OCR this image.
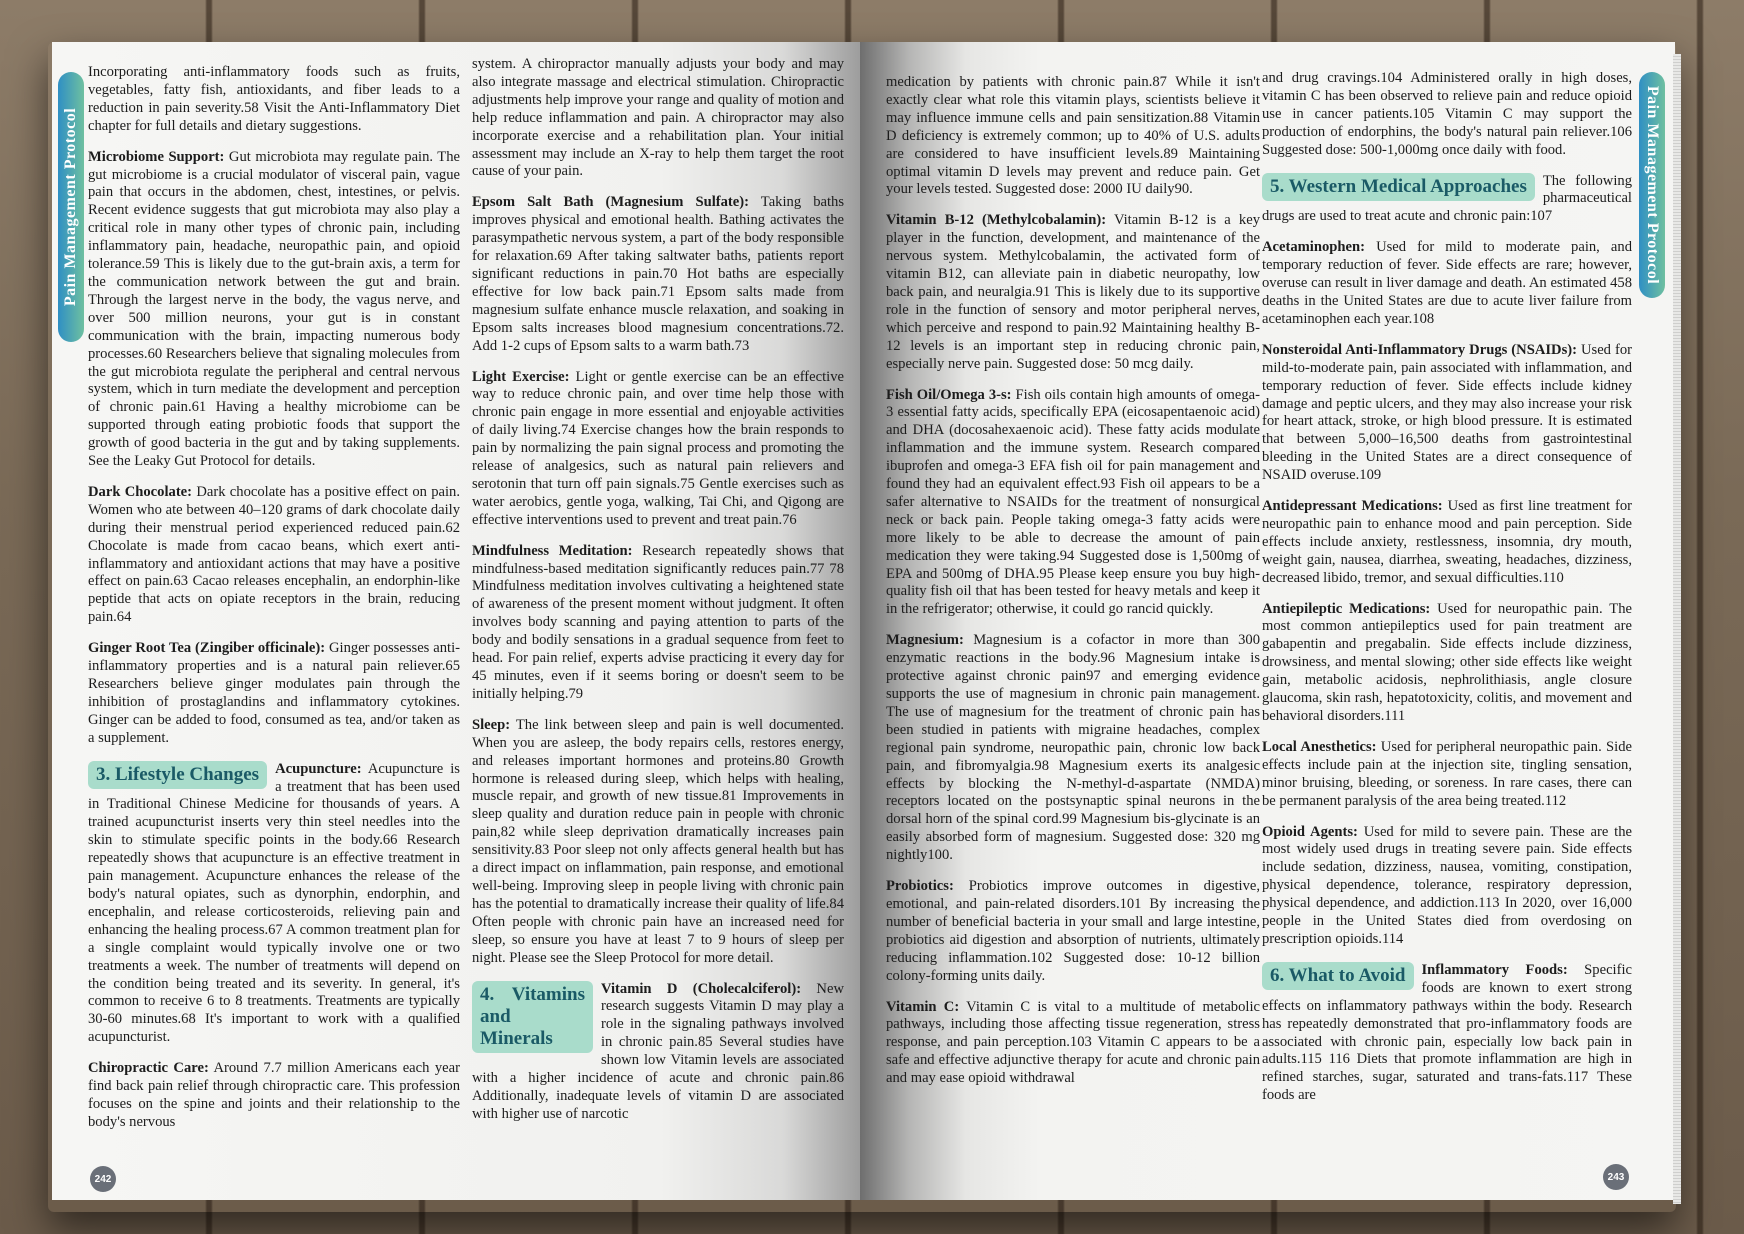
Pain Management Protocol

Incorporating anti-inflammatory foods such as fruits, vegetables, fatty fish, antioxidants, and fiber leads to a reduction in pain severity.58 Visit the Anti-Inflammatory Diet chapter for full details and dietary suggestions.

Microbiome Support: Gut microbiota may regulate pain. The gut microbiome is a crucial modulator of visceral pain, vague pain that occurs in the abdomen, chest, intestines, or pelvis. Recent evidence suggests that gut microbiota may also play a critical role in many other types of chronic pain, including inflammatory pain, headache, neuropathic pain, and opioid tolerance.59 This is likely due to the gut-brain axis, a term for the communication network between the gut and brain. Through the largest nerve in the body, the vagus nerve, and over 500 million neurons, your gut is in constant communication with the brain, impacting numerous body processes.60 Researchers believe that signaling molecules from the gut microbiota regulate the peripheral and central nervous system, which in turn mediate the development and perception of chronic pain.61 Having a healthy microbiome can be supported through eating probiotic foods that support the growth of good bacteria in the gut and by taking supplements. See the Leaky Gut Protocol for details.

Dark Chocolate: Dark chocolate has a positive effect on pain. Women who ate between 40–120 grams of dark chocolate daily during their menstrual period experienced reduced pain.62 Chocolate is made from cacao beans, which exert anti-inflammatory and antioxidant actions that may have a positive effect on pain.63 Cacao releases encephalin, an endorphin-like peptide that acts on opiate receptors in the brain, reducing pain.64

Ginger Root Tea (Zingiber officinale): Ginger possesses anti-inflammatory properties and is a natural pain reliever.65 Researchers believe ginger modulates pain through the inhibition of prostaglandins and inflammatory cytokines. Ginger can be added to food, consumed as tea, and/or taken as a supplement.

3. Lifestyle Changes	Acupuncture: Acupuncture is a treatment that has been used in Traditional Chinese Medicine for thousands of years. A trained acupuncturist inserts very thin steel needles into the skin to stimulate specific points in the body.66 Research repeatedly shows that acupuncture is an effective treatment in pain management. Acupuncture enhances the release of the body's natural opiates, such as dynorphin, endorphin, and encephalin, and release corticosteroids, relieving pain and enhancing the healing process.67 A common treatment plan for a single complaint would typically involve one or two treatments a week. The number of treatments will depend on the condition being treated and its severity. In general, it's common to receive 6 to 8 treatments. Treatments are typically 30-60 minutes.68 It's important to work with a qualified acupuncturist.

Chiropractic Care: Around 7.7 million Americans each year find back pain relief through chiropractic care. This profession focuses on the spine and joints and their relationship to the body's nervous

system. A chiropractor manually adjusts your body and may also integrate massage and electrical stimulation. Chiropractic adjustments help improve your range and quality of motion and help reduce inflammation and pain. A chiropractor may also incorporate exercise and a rehabilitation plan. Your initial assessment may include an X-ray to help them target the root cause of your pain.

Epsom Salt Bath (Magnesium Sulfate): Taking baths improves physical and emotional health. Bathing activates the parasympathetic nervous system, a part of the body responsible for relaxation.69 After taking saltwater baths, patients report significant reductions in pain.70 Hot baths are especially effective for low back pain.71 Epsom salts made from magnesium sulfate enhance muscle relaxation, and soaking in Epsom salts increases blood magnesium concentrations.72. Add 1-2 cups of Epsom salts to a warm bath.73

Light Exercise: Light or gentle exercise can be an effective way to reduce chronic pain, and over time help those with chronic pain engage in more essential and enjoyable activities of daily living.74 Exercise changes how the brain responds to pain by normalizing the pain signal process and promoting the release of analgesics, such as natural pain relievers and serotonin that turn off pain signals.75 Gentle exercises such as water aerobics, gentle yoga, walking, Tai Chi, and Qigong are effective interventions used to prevent and treat pain.76

Mindfulness Meditation: Research repeatedly shows that mindfulness-based meditation significantly reduces pain.77 78 Mindfulness meditation involves cultivating a heightened state of awareness of the present moment without judgment. It often involves body scanning and paying attention to parts of the body and bodily sensations in a gradual sequence from feet to head. For pain relief, experts advise practicing it every day for 45 minutes, even if it seems boring or doesn't seem to be initially helping.79

Sleep: The link between sleep and pain is well documented. When you are asleep, the body repairs cells, restores energy, and releases important hormones and proteins.80 Growth hormone is released during sleep, which helps with healing, muscle repair, and growth of new tissue.81 Improvements in sleep quality and duration reduce pain in people with chronic pain,82 while sleep deprivation dramatically increases pain sensitivity.83 Poor sleep not only affects general health but has a direct impact on inflammation, pain response, and emotional well-being. Improving sleep in people living with chronic pain has the potential to dramatically increase their quality of life.84 Often people with chronic pain have an increased need for sleep, so ensure you have at least 7 to 9 hours of sleep per night. Please see the Sleep Protocol for more detail.

4. Vitamins and Minerals
Vitamin D (Cholecalciferol): New research suggests Vitamin D may play a role in the signaling pathways involved in chronic pain.85 Several studies have shown low Vitamin levels are associated with a higher incidence of acute and chronic pain.86 Additionally, inadequate levels of vitamin D are associated with higher use of narcotic

242

medication by patients with chronic pain.87 While it isn't exactly clear what role this vitamin plays, scientists believe it may influence immune cells and pain sensitization.88 Vitamin D deficiency is extremely common; up to 40% of U.S. adults are considered to have insufficient levels.89 Maintaining optimal vitamin D levels may prevent and reduce pain. Get your levels tested. Suggested dose: 2000 IU daily90.

Vitamin B-12 (Methylcobalamin): Vitamin B-12 is a key player in the function, development, and maintenance of the nervous system. Methylcobalamin, the activated form of vitamin B12, can alleviate pain in diabetic neuropathy, low back pain, and neuralgia.91 This is likely due to its supportive role in the function of sensory and motor peripheral nerves, which perceive and respond to pain.92 Maintaining healthy B-12 levels is an important step in reducing chronic pain, especially nerve pain. Suggested dose: 50 mcg daily.

Fish Oil/Omega 3-s: Fish oils contain high amounts of omega-3 essential fatty acids, specifically EPA (eicosapentaenoic acid) and DHA (docosahexaenoic acid). These fatty acids modulate inflammation and the immune system. Research compared ibuprofen and omega-3 EFA fish oil for pain management and found they had an equivalent effect.93 Fish oil appears to be a safer alternative to NSAIDs for the treatment of nonsurgical neck or back pain. People taking omega-3 fatty acids were more likely to be able to decrease the amount of pain medication they were taking.94 Suggested dose is 1,500mg of EPA and 500mg of DHA.95 Please keep ensure you buy high-quality fish oil that has been tested for heavy metals and keep it in the refrigerator; otherwise, it could go rancid quickly.

Magnesium: Magnesium is a cofactor in more than 300 enzymatic reactions in the body.96 Magnesium intake is protective against chronic pain97 and emerging evidence supports the use of magnesium in chronic pain management. The use of magnesium for the treatment of chronic pain has been studied in patients with migraine headaches, complex regional pain syndrome, neuropathic pain, chronic low back pain, and fibromyalgia.98 Magnesium exerts its analgesic effects by blocking the N-methyl-d-aspartate (NMDA) receptors located on the postsynaptic spinal neurons in the dorsal horn of the spinal cord.99 Magnesium bis-glycinate is an easily absorbed form of magnesium. Suggested dose: 320 mg nightly100.

Probiotics: Probiotics improve outcomes in digestive, emotional, and pain-related disorders.101 By increasing the number of beneficial bacteria in your small and large intestine, probiotics aid digestion and absorption of nutrients, ultimately reducing inflammation.102 Suggested dose: 10-12 billion colony-forming units daily.

Vitamin C: Vitamin C is vital to a multitude of metabolic pathways, including those affecting tissue regeneration, stress response, and pain perception.103 Vitamin C appears to be a safe and effective adjunctive therapy for acute and chronic pain and may ease opioid withdrawal

and drug cravings.104 Administered orally in high doses, vitamin C has been observed to relieve pain and reduce opioid use in cancer patients.105 Vitamin C may support the production of endorphins, the body's natural pain reliever.106 Suggested dose: 500-1,000mg once daily with food.

5. Western Medical Approaches	The following pharmaceutical drugs are used to treat acute and chronic pain:107

Acetaminophen: Used for mild to moderate pain, and temporary reduction of fever. Side effects are rare; however, overuse can result in liver damage and death. An estimated 458 deaths in the United States are due to acute liver failure from acetaminophen each year.108

Nonsteroidal Anti-Inflammatory Drugs (NSAIDs): Used for mild-to-moderate pain, pain associated with inflammation, and temporary reduction of fever. Side effects include kidney damage and peptic ulcers, and they may also increase your risk for heart attack, stroke, or high blood pressure. It is estimated that between 5,000–16,500 deaths from gastrointestinal bleeding in the United States are a direct consequence of NSAID overuse.109

Antidepressant Medications: Used as first line treatment for neuropathic pain to enhance mood and pain perception. Side effects include anxiety, restlessness, insomnia, dry mouth, weight gain, nausea, diarrhea, sweating, headaches, dizziness, decreased libido, tremor, and sexual difficulties.110

Antiepileptic Medications: Used for neuropathic pain. The most common antiepileptics used for pain treatment are gabapentin and pregabalin. Side effects include dizziness, drowsiness, and mental slowing; other side effects like weight gain, metabolic acidosis, nephrolithiasis, angle closure glaucoma, skin rash, hepatotoxicity, colitis, and movement and behavioral disorders.111

Local Anesthetics: Used for peripheral neuropathic pain. Side effects include pain at the injection site, tingling sensation, minor bruising, bleeding, or soreness. In rare cases, there can be permanent paralysis of the area being treated.112

Opioid Agents: Used for mild to severe pain. These are the most widely used drugs in treating severe pain. Side effects include sedation, dizziness, nausea, vomiting, constipation, physical dependence, tolerance, respiratory depression, physical dependence, and addiction.113 In 2020, over 16,000 people in the United States died from overdosing on prescription opioids.114

6. What to Avoid	Inflammatory Foods: Specific foods are known to exert strong effects on inflammatory pathways within the body. Research has repeatedly demonstrated that pro-inflammatory foods are associated with chronic pain, especially low back pain in adults.115 116 Diets that promote inflammation are high in refined starches, sugar, saturated and trans-fats.117 These foods are

Pain Management Protocol
243
